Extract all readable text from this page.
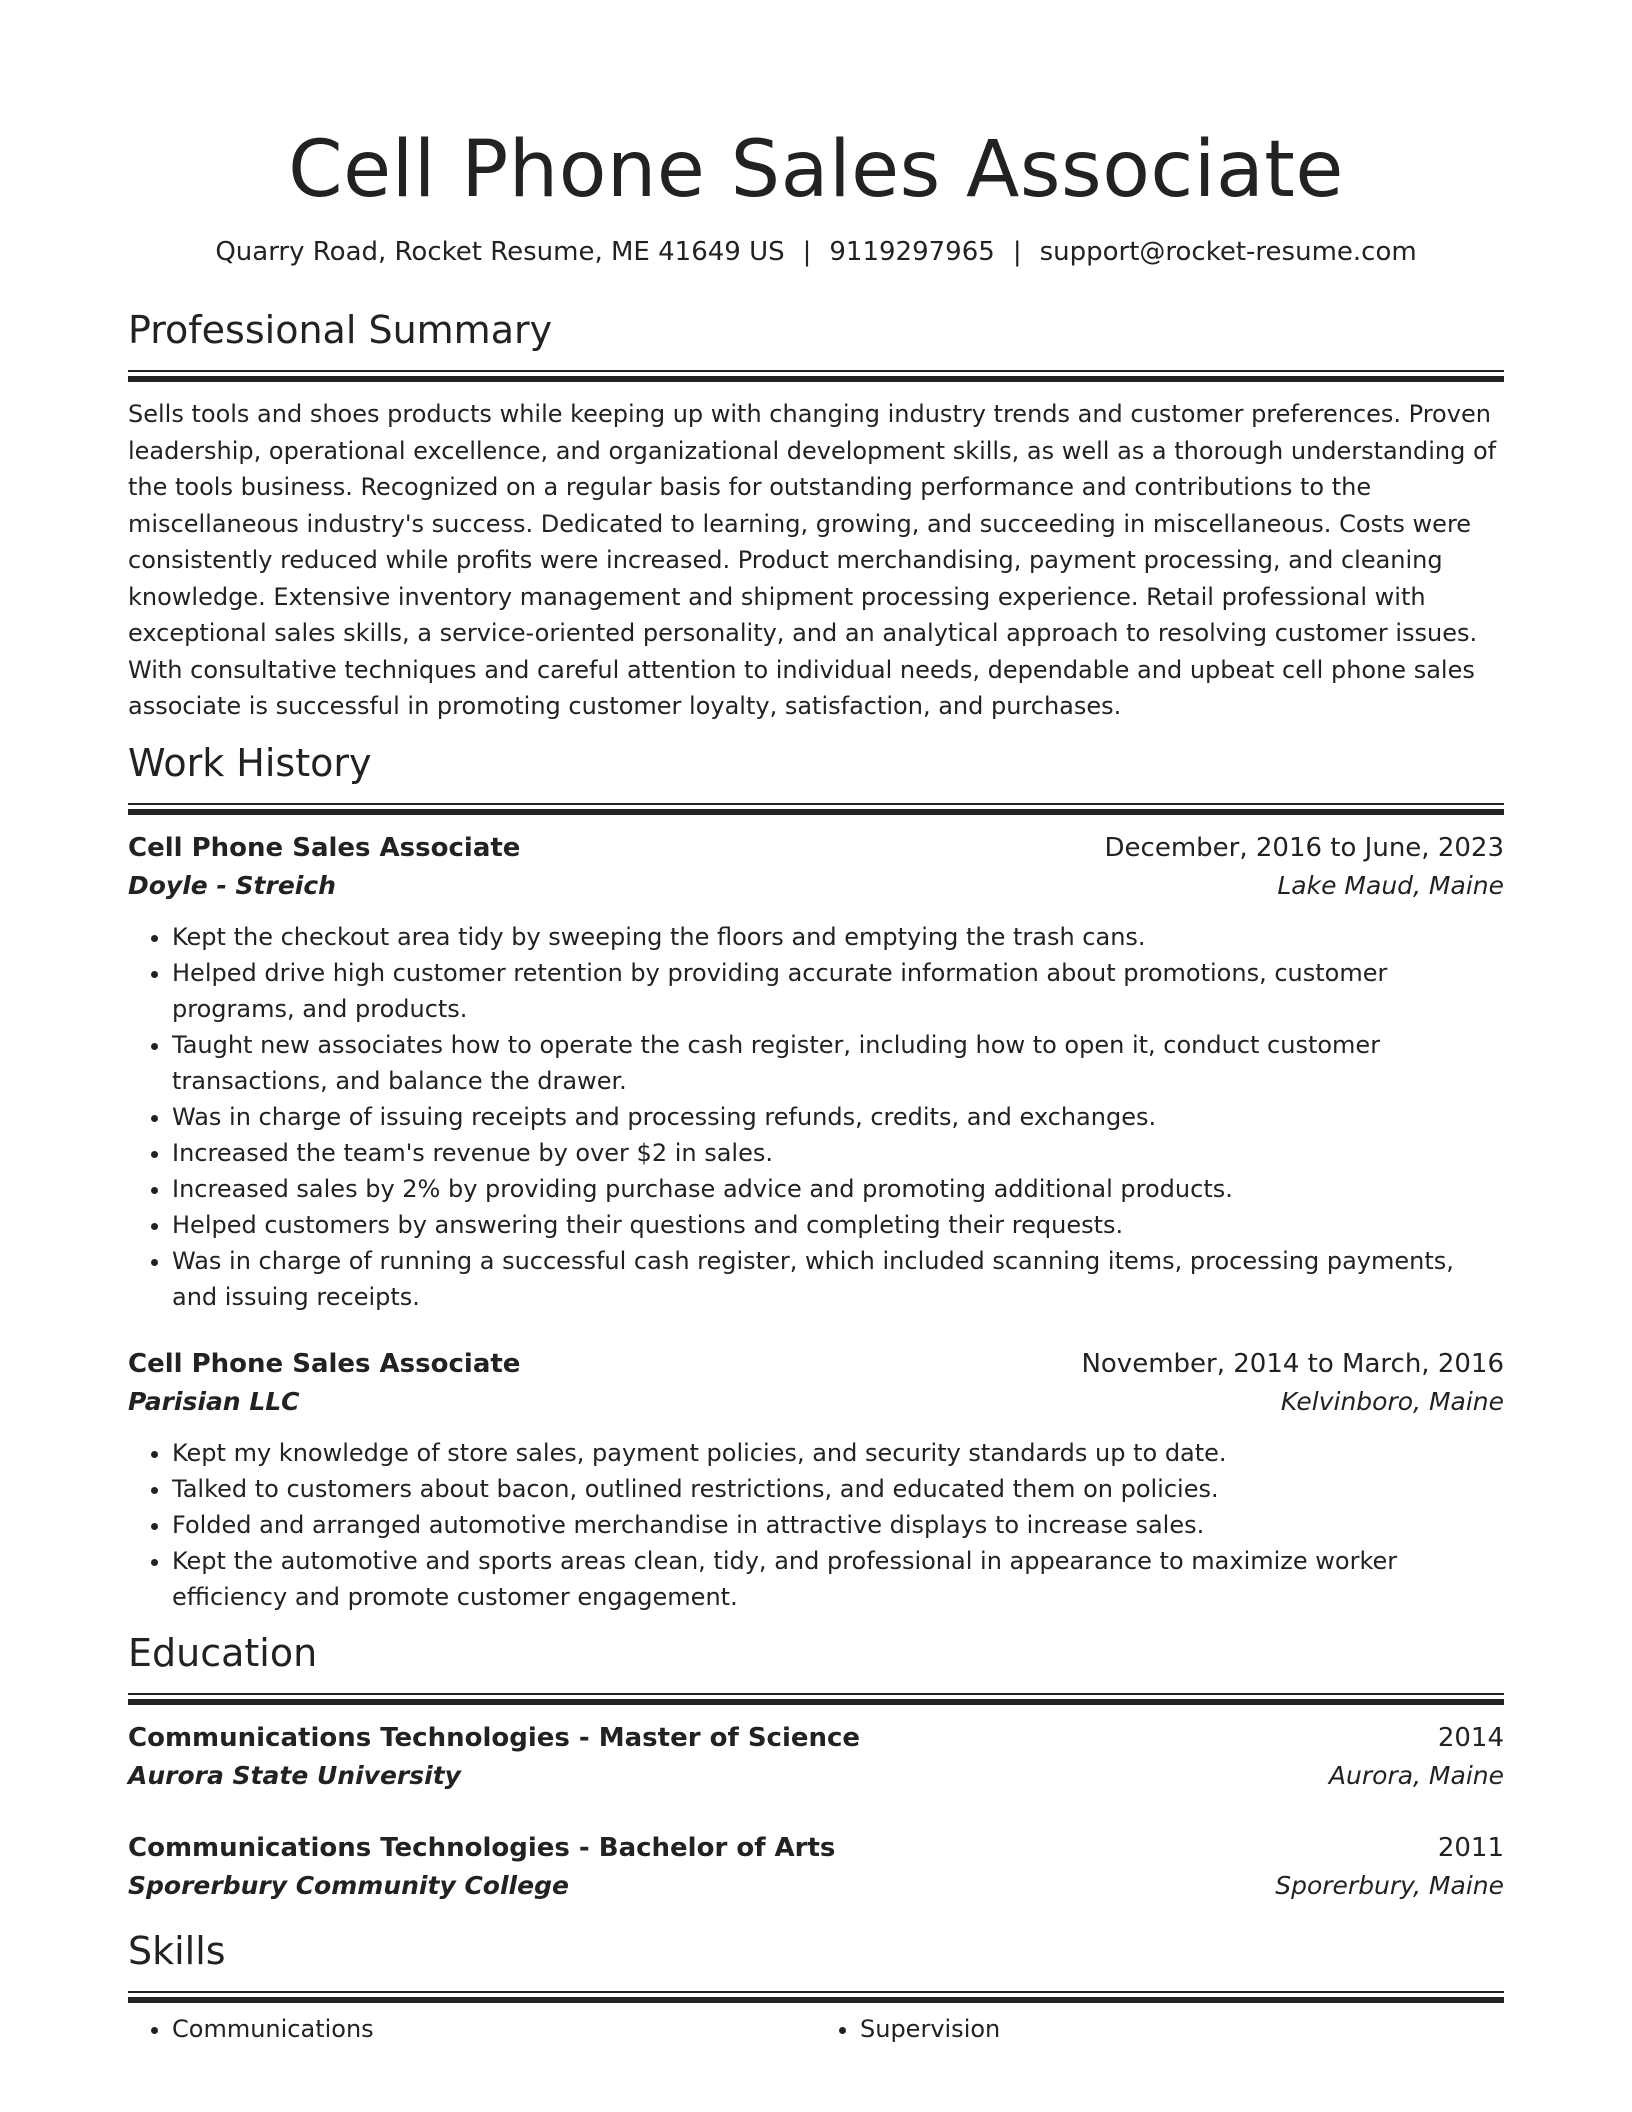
Cell Phone Sales Associate
Quarry Road, Rocket Resume, ME 41649 US | 9119297965 | support@rocket-resume.com
Professional Summary

Sells tools and shoes products while keeping up with changing industry trends and customer preferences. Proven leadership, operational excellence, and organizational development skills, as well as a thorough understanding of the tools business. Recognized on a regular basis for outstanding performance and contributions to the miscellaneous industry's success. Dedicated to learning, growing, and succeeding in miscellaneous. Costs were consistently reduced while profits were increased. Product merchandising, payment processing, and cleaning knowledge. Extensive inventory management and shipment processing experience. Retail professional with exceptional sales skills, a service-oriented personality, and an analytical approach to resolving customer issues. With consultative techniques and careful attention to individual needs, dependable and upbeat cell phone sales associate is successful in promoting customer loyalty, satisfaction, and purchases.

Work History
Cell Phone Sales Associate	December, 2016 to June, 2023
Doyle - Streich	Lake Maud, Maine
• Kept the checkout area tidy by sweeping the floors and emptying the trash cans.
• Helped drive high customer retention by providing accurate information about promotions, customer programs, and products.
• Taught new associates how to operate the cash register, including how to open it, conduct customer transactions, and balance the drawer.
• Was in charge of issuing receipts and processing refunds, credits, and exchanges.
• Increased the team's revenue by over $2 in sales.
• Increased sales by 2% by providing purchase advice and promoting additional products.
• Helped customers by answering their questions and completing their requests.
• Was in charge of running a successful cash register, which included scanning items, processing payments, and issuing receipts.
Cell Phone Sales Associate	November, 2014 to March, 2016
Parisian LLC	Kelvinboro, Maine
• Kept my knowledge of store sales, payment policies, and security standards up to date.
• Talked to customers about bacon, outlined restrictions, and educated them on policies.
• Folded and arranged automotive merchandise in attractive displays to increase sales.
• Kept the automotive and sports areas clean, tidy, and professional in appearance to maximize worker efficiency and promote customer engagement.
Education
Communications Technologies - Master of Science	2014
Aurora State University	Aurora, Maine
Communications Technologies - Bachelor of Arts	2011
Sporerbury Community College	Sporerbury, Maine
Skills
• Communications
•	Supervision
